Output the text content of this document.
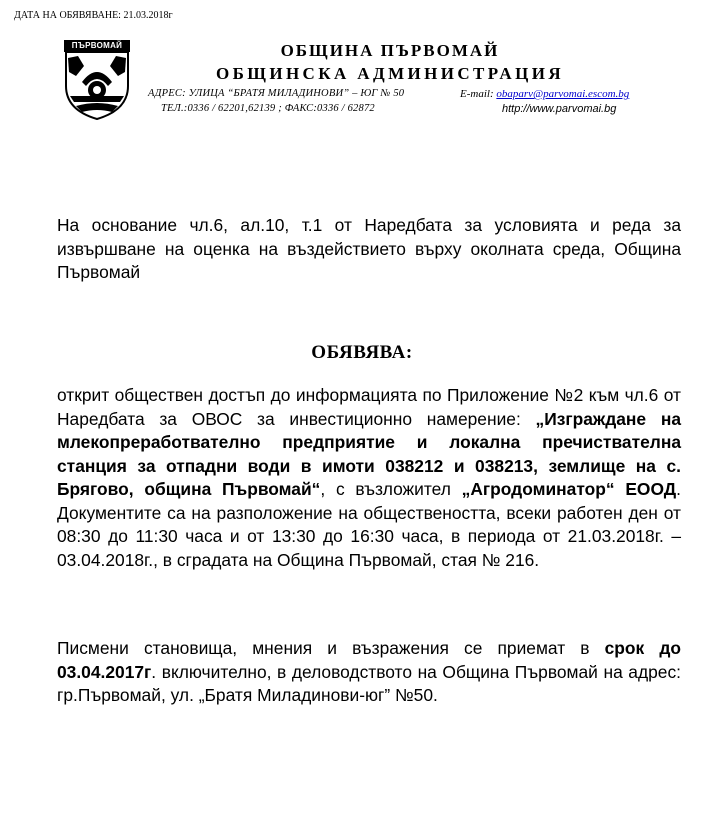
ДАТА НА ОБЯВЯВАНЕ: 21.03.2018г
ПЪРВОМАЙ	ОБЩИНА ПЪРВОМАЙ
ОБЩИНСКА АДМИНИСТРАЦИЯ
АДРЕС: УЛИЦА “БРАТЯ МИЛАДИНОВИ” – ЮГ № 50
ТЕЛ.:0336 / 62201,62139 ; ФАКС:0336 / 62872
E-mail: obaparv@parvomai.escom.bg
http://www.parvomai.bg
На основание чл.6, ал.10, т.1 от Наредбата за условията и реда за извършване на оценка на въздействието върху околната среда, Община Първомай
ОБЯВЯВА:
открит обществен достъп до информацията по Приложение №2 към чл.6 от Наредбата за ОВОС за инвестиционно намерение: „Изграждане на млекопреработвателно предприятие и локална пречиствателна станция за отпадни води в имоти 038212 и 038213, землище на с. Брягово, община Първомай“, с възложител „Агродоминатор“ ЕООД. Документите са на разположение на обществеността, всеки работен ден от 08:30 до 11:30 часа и от 13:30 до 16:30 часа, в периода от 21.03.2018г. – 03.04.2018г., в сградата на Община Първомай, стая № 216.
Писмени становища, мнения и възражения се приемат в срок до 03.04.2017г. включително, в деловодството на Община Първомай на адрес: гр.Първомай, ул. „Братя Миладинови-юг” №50.
